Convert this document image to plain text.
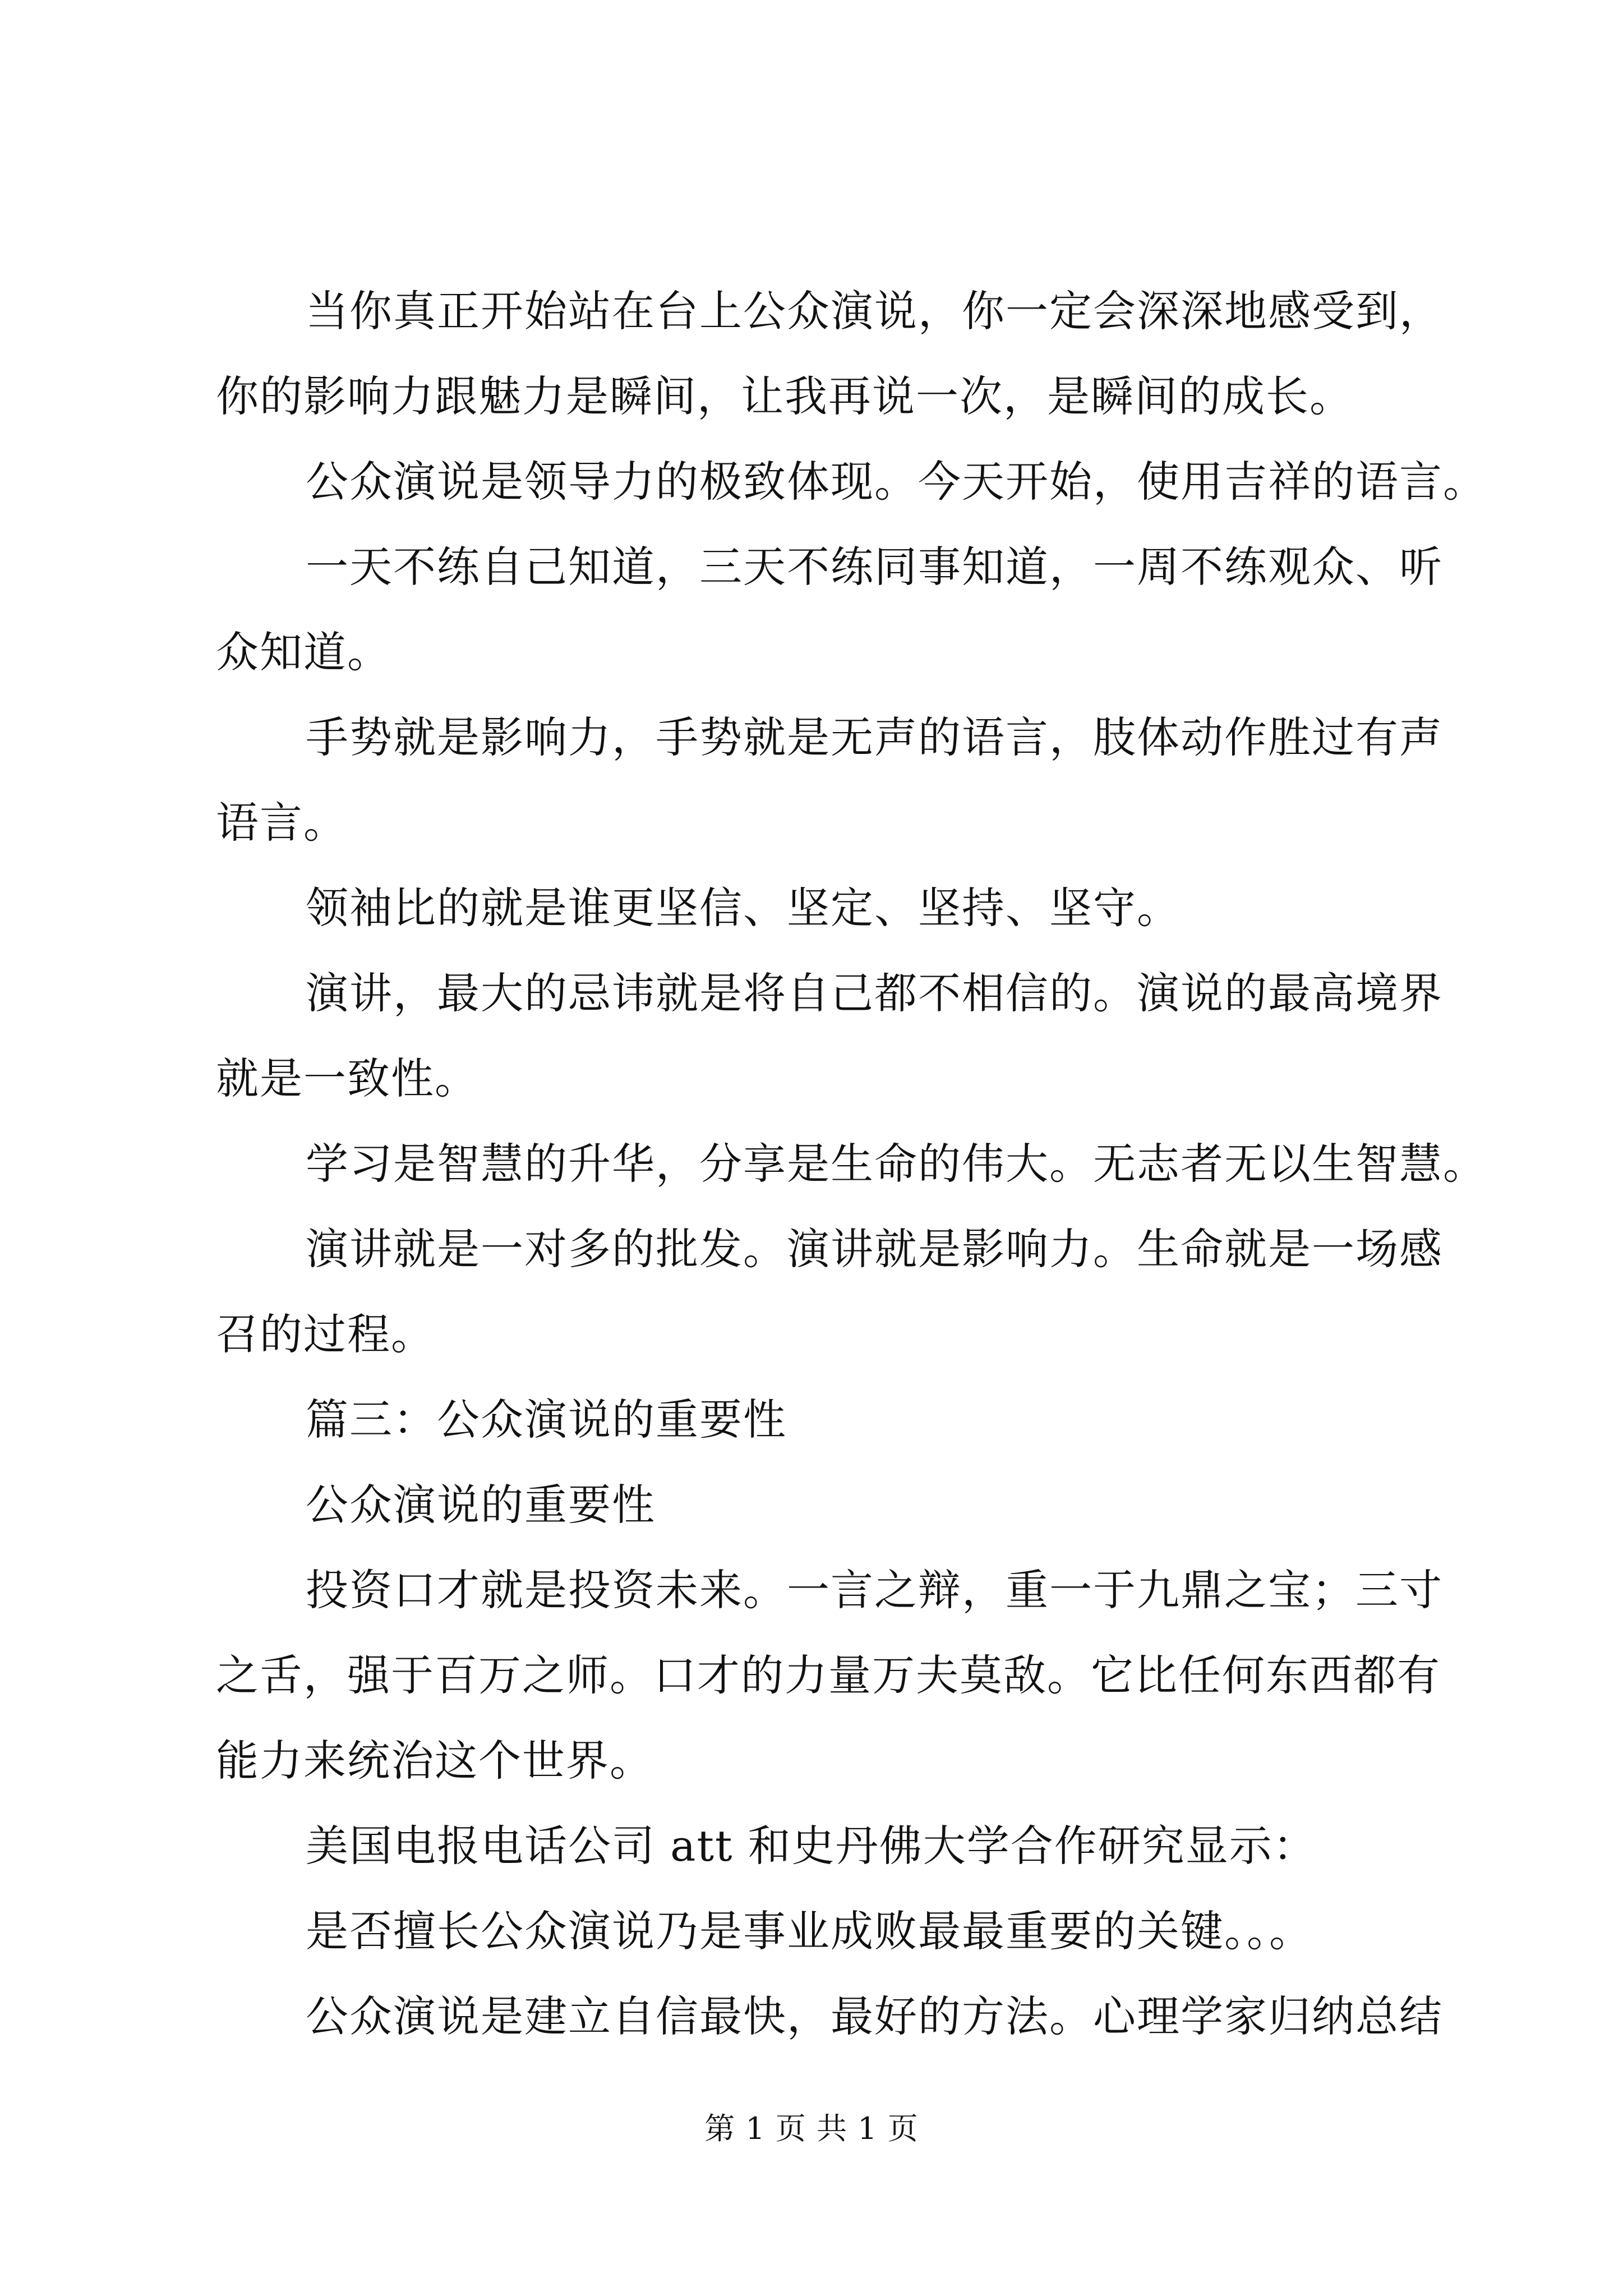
当你真正开始站在台上公众演说，你一定会深深地感受到，
你的影响力跟魅力是瞬间，让我再说一次，是瞬间的成长。
公众演说是领导力的极致体现。今天开始，使用吉祥的语言。
一天不练自己知道，三天不练同事知道，一周不练观众、听
众知道。
手势就是影响力，手势就是无声的语言，肢体动作胜过有声
语言。
领袖比的就是谁更坚信、坚定、坚持、坚守。
演讲，最大的忌讳就是将自己都不相信的。演说的最高境界
就是一致性。
学习是智慧的升华，分享是生命的伟大。无志者无以生智慧。
演讲就是一对多的批发。演讲就是影响力。生命就是一场感
召的过程。
篇三：公众演说的重要性
公众演说的重要性
投资口才就是投资未来。一言之辩，重一于九鼎之宝；三寸
之舌，强于百万之师。口才的力量万夫莫敌。它比任何东西都有
能力来统治这个世界。
美国电报电话公司 att 和史丹佛大学合作研究显示：
是否擅长公众演说乃是事业成败最最重要的关键。。。
公众演说是建立自信最快，最好的方法。心理学家归纳总结
第 1 页 共 1 页
